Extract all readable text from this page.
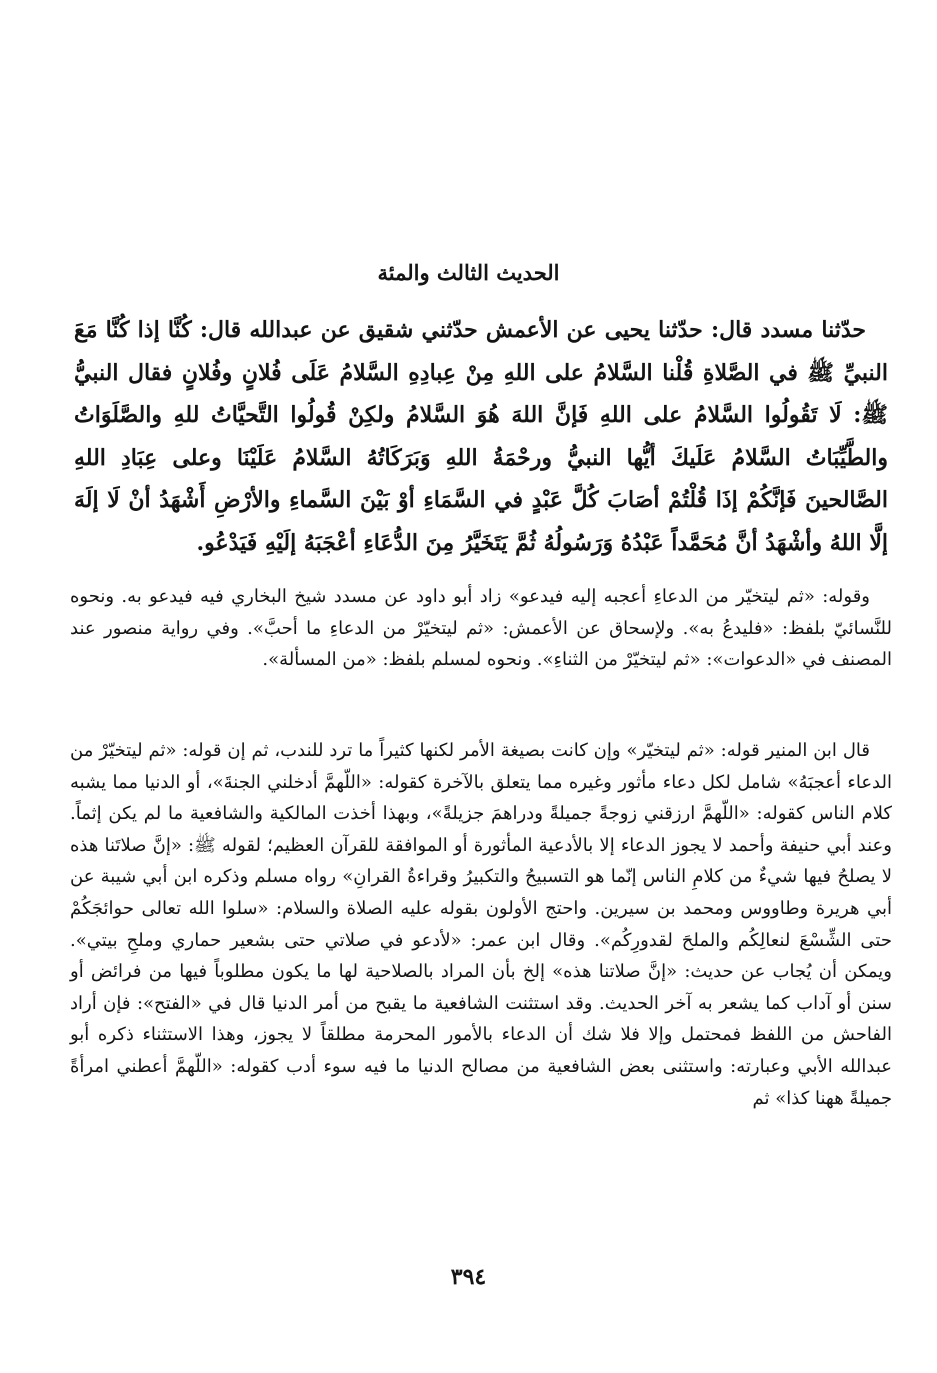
الحديث الثالث والمئة

حدّثنا مسدد قال: حدّثنا يحيى عن الأعمش حدّثني شقيق عن عبدالله قال: كُنَّا إذا كُنَّا مَعَ النبيِّ ﷺ في الصَّلاةِ قُلْنا السَّلامُ على اللهِ مِنْ عِبادِهِ السَّلامُ عَلَى فُلانٍ وفُلانٍ فقال النبيُّ ﷺ: لَا تَقُولُوا السَّلامُ على اللهِ فَإنَّ اللهَ هُوَ السَّلامُ ولكِنْ قُولُوا التَّحيَّاتُ للهِ والصَّلَوَاتُ والطَّيِّبَاتُ السَّلامُ عَلَيكَ أيُّها النبيُّ ورحْمَةُ اللهِ وَبَرَكَاتُهُ السَّلامُ عَلَيْنَا وعلى عِبَادِ اللهِ الصَّالحينَ فَإنَّكُمْ إذَا قُلْتُمْ أصَابَ كُلَّ عَبْدٍ في السَّمَاءِ أوْ بَيْنَ السَّماءِ والأرْضِ أَشْهَدُ أنْ لَا إلَهَ إلَّا اللهُ وأشْهَدُ أنَّ مُحَمَّداً عَبْدُهُ وَرَسُولُهُ ثُمَّ يَتَخَيَّرُ مِنَ الدُّعَاءِ أعْجَبَهُ إلَيْهِ فَيَدْعُو.

وقوله: «ثم ليتخيّر من الدعاءِ أعجبه إليه فيدعو» زاد أبو داود عن مسدد شيخ البخاري فيه فيدعو به. ونحوه للنَّسائيّ بلفظ: «فليدعُ به». ولإسحاق عن الأعمش: «ثم ليتخيّرْ من الدعاءِ ما أحبَّ». وفي رواية منصور عند المصنف في «الدعوات»: «ثم ليتخيّرْ من الثناءِ». ونحوه لمسلم بلفظ: «من المسألة».

قال ابن المنير قوله: «ثم ليتخيّر» وإن كانت بصيغة الأمر لكنها كثيراً ما ترد للندب، ثم إن قوله: «ثم ليتخيّرْ من الدعاء أعجبَهُ» شامل لكل دعاء مأثور وغيره مما يتعلق بالآخرة كقوله: «اللّهمَّ أدخلني الجنةَ»، أو الدنيا مما يشبه كلام الناس كقوله: «اللّهمَّ ارزقني زوجةً جميلةً ودراهمَ جزيلةً»، وبهذا أخذت المالكية والشافعية ما لم يكن إثماً. وعند أبي حنيفة وأحمد لا يجوز الدعاء إلا بالأدعية المأثورة أو الموافقة للقرآن العظيم؛ لقوله ﷺ: «إنَّ صلاتَنا هذه لا يصلحُ فيها شيءٌ من كلامِ الناس إنّما هو التسبيحُ والتكبيرُ وقراءةُ القرانِ» رواه مسلم وذكره ابن أبي شيبة عن أبي هريرة وطاووس ومحمد بن سيرين. واحتج الأولون بقوله عليه الصلاة والسلام: «سلوا الله تعالى حوائجَكُمْ حتى الشِّسْعَ لنعالِكُم والملحَ لقدورِكُم». وقال ابن عمر: «لأدعو في صلاتي حتى بشعير حماري وملحِ بيتي». ويمكن أن يُجاب عن حديث: «إنَّ صلاتنا هذه» إلخ بأن المراد بالصلاحية لها ما يكون مطلوباً فيها من فرائض أو سنن أو آداب كما يشعر به آخر الحديث. وقد استثنت الشافعية ما يقبح من أمر الدنيا قال في «الفتح»: فإن أراد الفاحش من اللفظ فمحتمل وإلا فلا شك أن الدعاء بالأمور المحرمة مطلقاً لا يجوز، وهذا الاستثناء ذكره أبو عبدالله الأبي وعبارته: واستثنى بعض الشافعية من مصالح الدنيا ما فيه سوء أدب كقوله: «اللّهمَّ أعطني امرأةً جميلةً ههنا كذا» ثم

٣٩٤
